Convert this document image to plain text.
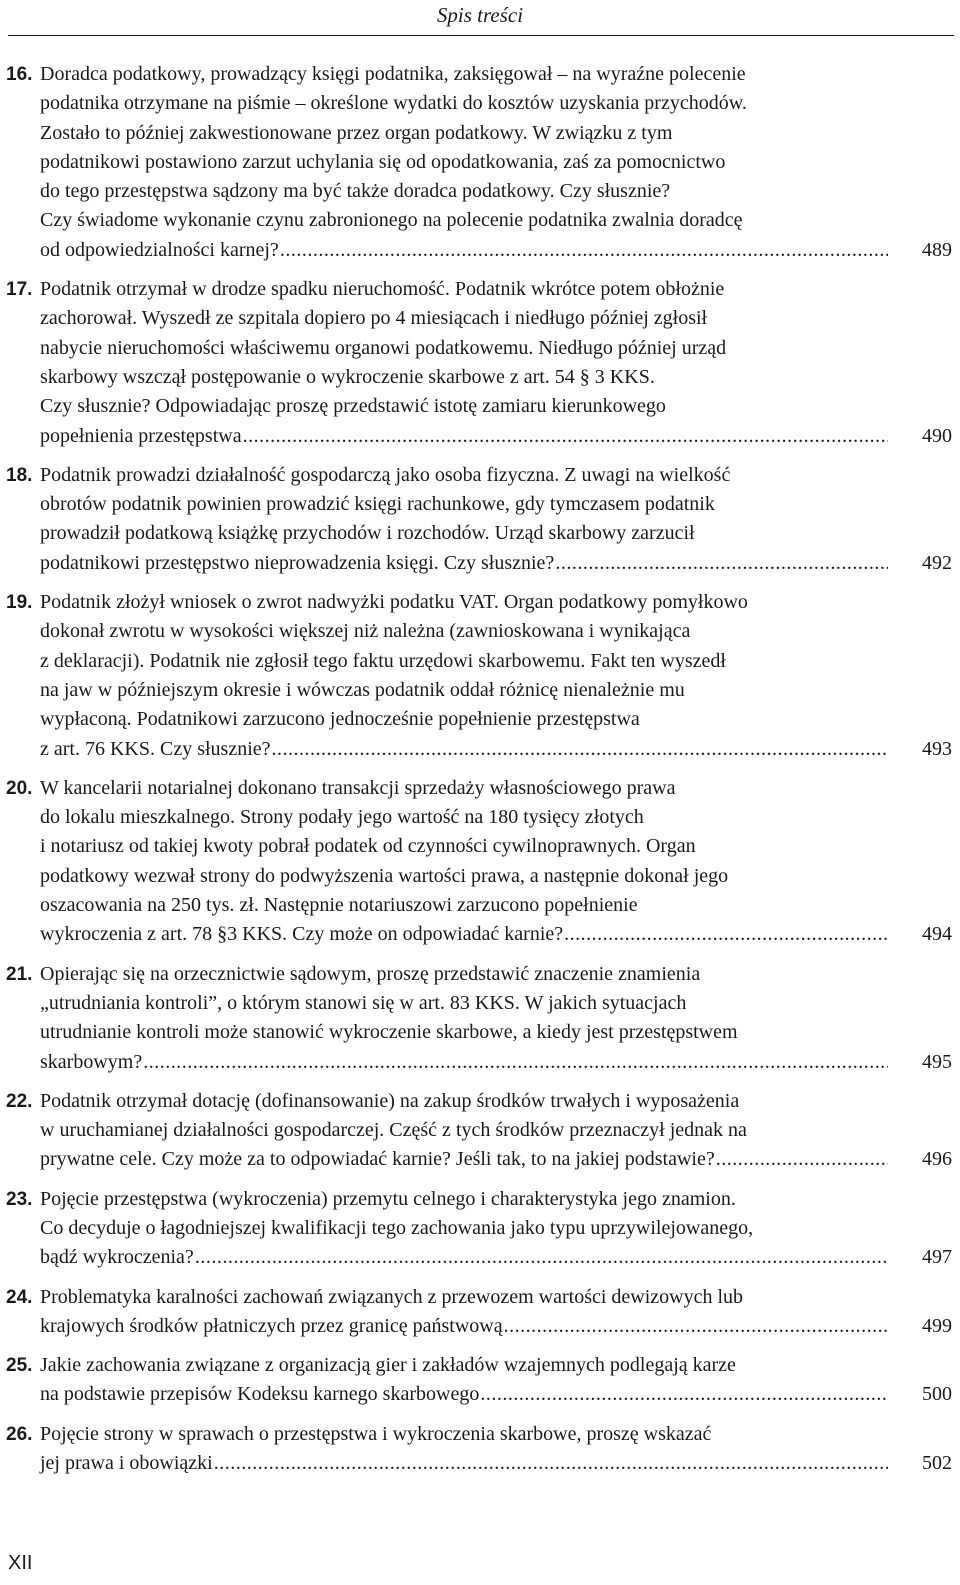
Spis treści
16. Doradca podatkowy, prowadzący księgi podatnika, zaksięgował – na wyraźne polecenie
podatnika otrzymane na piśmie – określone wydatki do kosztów uzyskania przychodów.
Zostało to później zakwestionowane przez organ podatkowy. W związku z tym
podatnikowi postawiono zarzut uchylania się od opodatkowania, zaś za pomocnictwo
do tego przestępstwa sądzony ma być także doradca podatkowy. Czy słusznie?
Czy świadome wykonanie czynu zabronionego na polecenie podatnika zwalnia doradcę
od odpowiedzialności karnej? .....	489
17. Podatnik otrzymał w drodze spadku nieruchomość. Podatnik wkrótce potem obłożnie
zachorował. Wyszedł ze szpitala dopiero po 4 miesiącach i niedługo później zgłosił
nabycie nieruchomości właściwemu organowi podatkowemu. Niedługo później urząd
skarbowy wszczął postępowanie o wykroczenie skarbowe z art. 54 § 3 KKS.
Czy słusznie? Odpowiadając proszę przedstawić istotę zamiaru kierunkowego
popełnienia przestępstwa .....	490
18. Podatnik prowadzi działalność gospodarczą jako osoba fizyczna. Z uwagi na wielkość
obrotów podatnik powinien prowadzić księgi rachunkowe, gdy tymczasem podatnik
prowadził podatkową książkę przychodów i rozchodów. Urząd skarbowy zarzucił
podatnikowi przestępstwo nieprowadzenia księgi. Czy słusznie? .....	492
19. Podatnik złożył wniosek o zwrot nadwyżki podatku VAT. Organ podatkowy pomyłkowo
dokonał zwrotu w wysokości większej niż należna (zawnioskowana i wynikająca
z deklaracji). Podatnik nie zgłosił tego faktu urzędowi skarbowemu. Fakt ten wyszedł
na jaw w późniejszym okresie i wówczas podatnik oddał różnicę nienależnie mu
wypłaconą. Podatnikowi zarzucono jednocześnie popełnienie przestępstwa
z art. 76 KKS. Czy słusznie? .....	493
20. W kancelarii notarialnej dokonano transakcji sprzedaży własnościowego prawa
do lokalu mieszkalnego. Strony podały jego wartość na 180 tysięcy złotych
i notariusz od takiej kwoty pobrał podatek od czynności cywilnoprawnych. Organ
podatkowy wezwał strony do podwyższenia wartości prawa, a następnie dokonał jego
oszacowania na 250 tys. zł. Następnie notariuszowi zarzucono popełnienie
wykroczenia z art. 78 §3 KKS. Czy może on odpowiadać karnie? .....	494
21. Opierając się na orzecznictwie sądowym, proszę przedstawić znaczenie znamienia
„utrudniania kontroli”, o którym stanowi się w art. 83 KKS. W jakich sytuacjach
utrudnianie kontroli może stanowić wykroczenie skarbowe, a kiedy jest przestępstwem
skarbowym? .....	495
22. Podatnik otrzymał dotację (dofinansowanie) na zakup środków trwałych i wyposażenia
w uruchamianej działalności gospodarczej. Część z tych środków przeznaczył jednak na
prywatne cele. Czy może za to odpowiadać karnie? Jeśli tak, to na jakiej podstawie? .....	496
23. Pojęcie przestępstwa (wykroczenia) przemytu celnego i charakterystyka jego znamion.
Co decyduje o łagodniejszej kwalifikacji tego zachowania jako typu uprzywilejowanego,
bądź wykroczenia? .....	497
24. Problematyka karalności zachowań związanych z przewozem wartości dewizowych lub
krajowych środków płatniczych przez granicę państwową .....	499
25. Jakie zachowania związane z organizacją gier i zakładów wzajemnych podlegają karze
na podstawie przepisów Kodeksu karnego skarbowego .....	500
26. Pojęcie strony w sprawach o przestępstwa i wykroczenia skarbowe, proszę wskazać
jej prawa i obowiązki .....	502
XII
